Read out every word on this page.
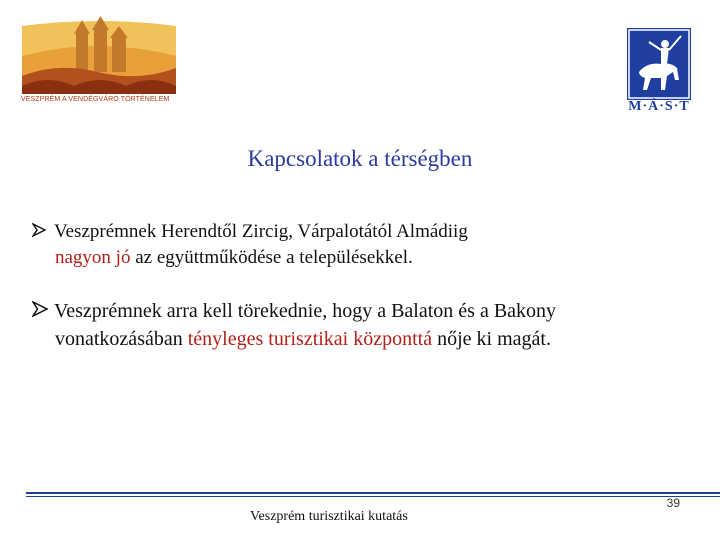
VESZPRÉM A VENDÉGVÁRÓ TÖRTÉNELEM	M·Á·S·T
Kapcsolatok a térségben
Veszprémnek Herendtől Zircig, Várpalotától Almádiig
nagyon jó az együttműködése a településekkel.
Veszprémnek arra kell törekednie, hogy a Balaton és a Bakony
vonatkozásában tényleges turisztikai központtá nője ki magát.
Veszprém turisztikai kutatás
39
